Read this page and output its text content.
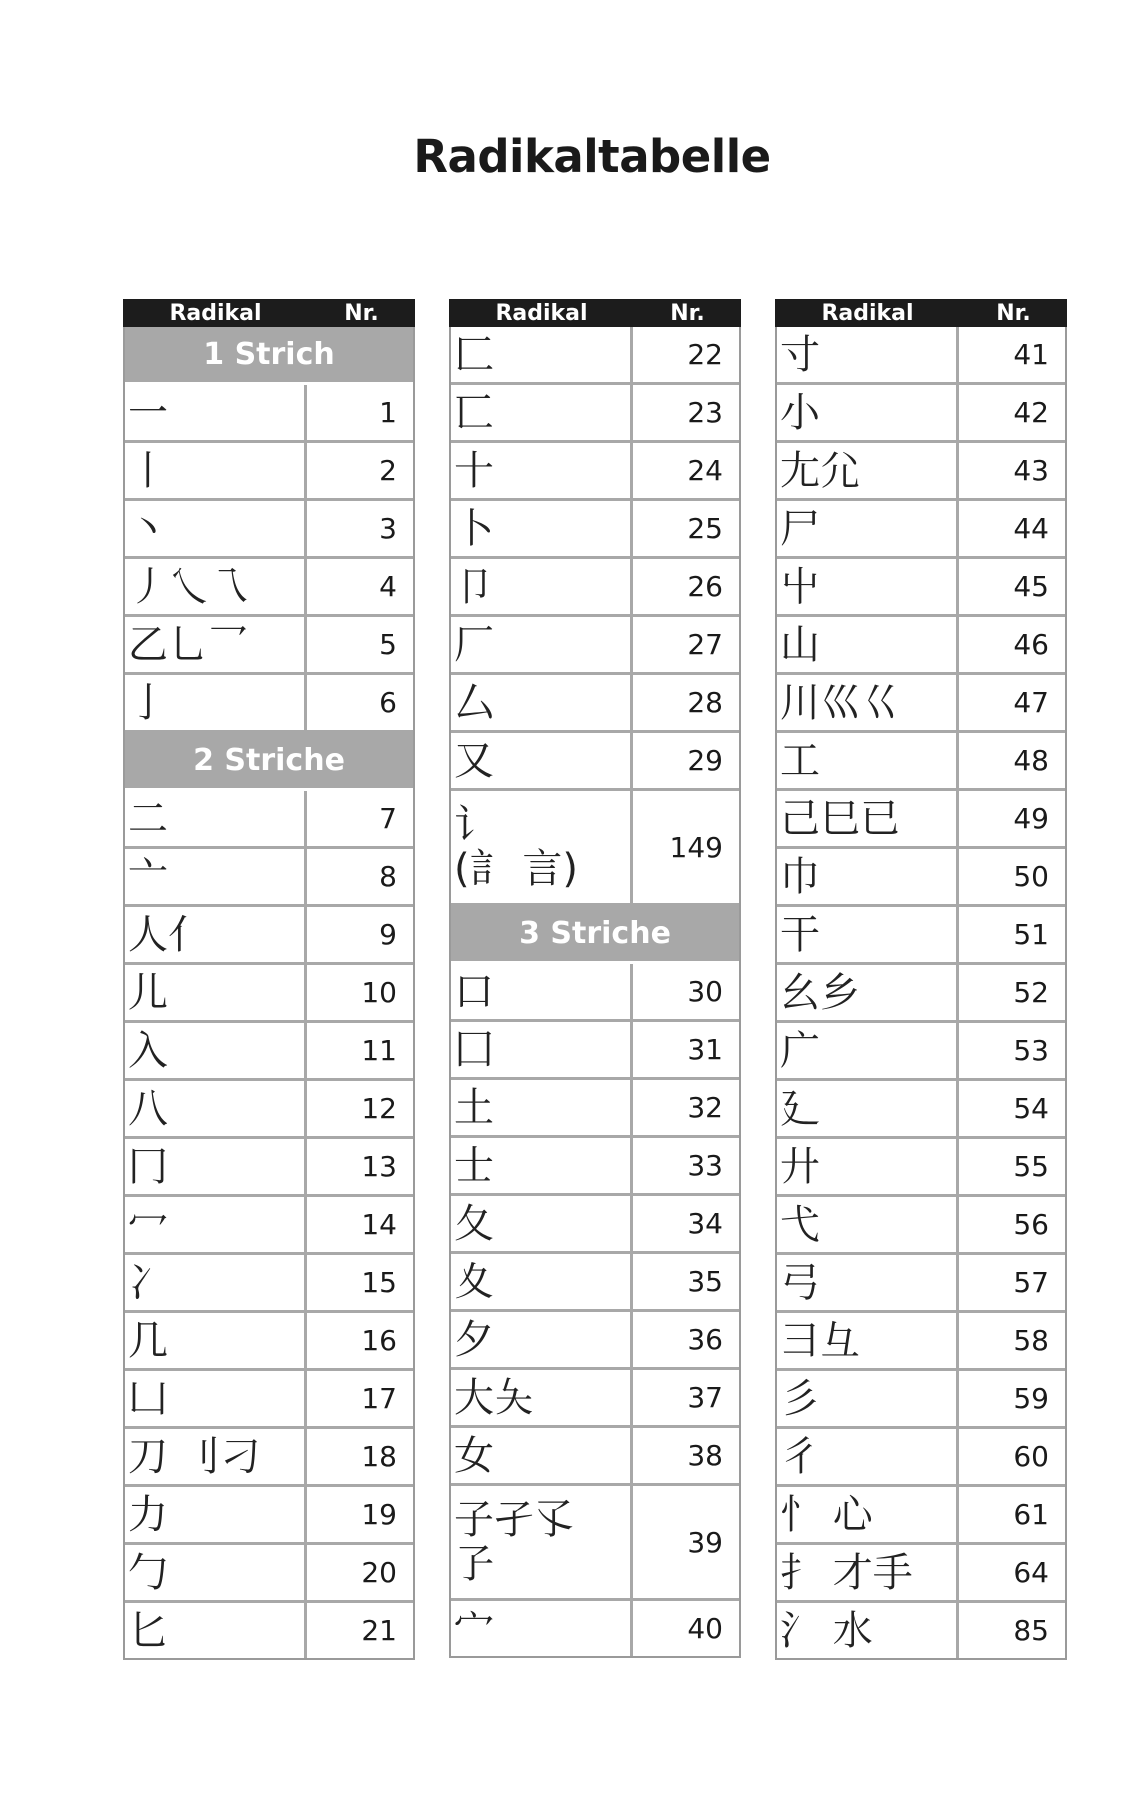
Radikaltabelle
Radikal	Nr.
1 Strich
一	1
丨	2
丶	3
丿乀乁	4
乙乚乛	5
亅	6
2 Striche
二	7
亠	8
人亻	9
儿	10
入	11
八	12
冂	13
冖	14
冫	15
几	16
凵	17
刀 刂刁	18
力	19
勹	20
匕	21
Radikal	Nr.
匚	22
匸	23
十	24
卜	25
卩	26
厂	27
厶	28
又	29
讠
(訁 言)	149
3 Striche
口	30
囗	31
土	32
士	33
夂	34
夊	35
夕	36
大夨	37
女	38
子孑孓
孒	39
宀	40
Radikal	Nr.
寸	41
小	42
尢尣	43
尸	44
屮	45
山	46
川巛巜	47
工	48
己巳已	49
巾	50
干	51
幺乡	52
广	53
廴	54
廾	55
弋	56
弓	57
彐彑	58
彡	59
彳	60
忄 心	61
扌 才手	64
氵 水	85
